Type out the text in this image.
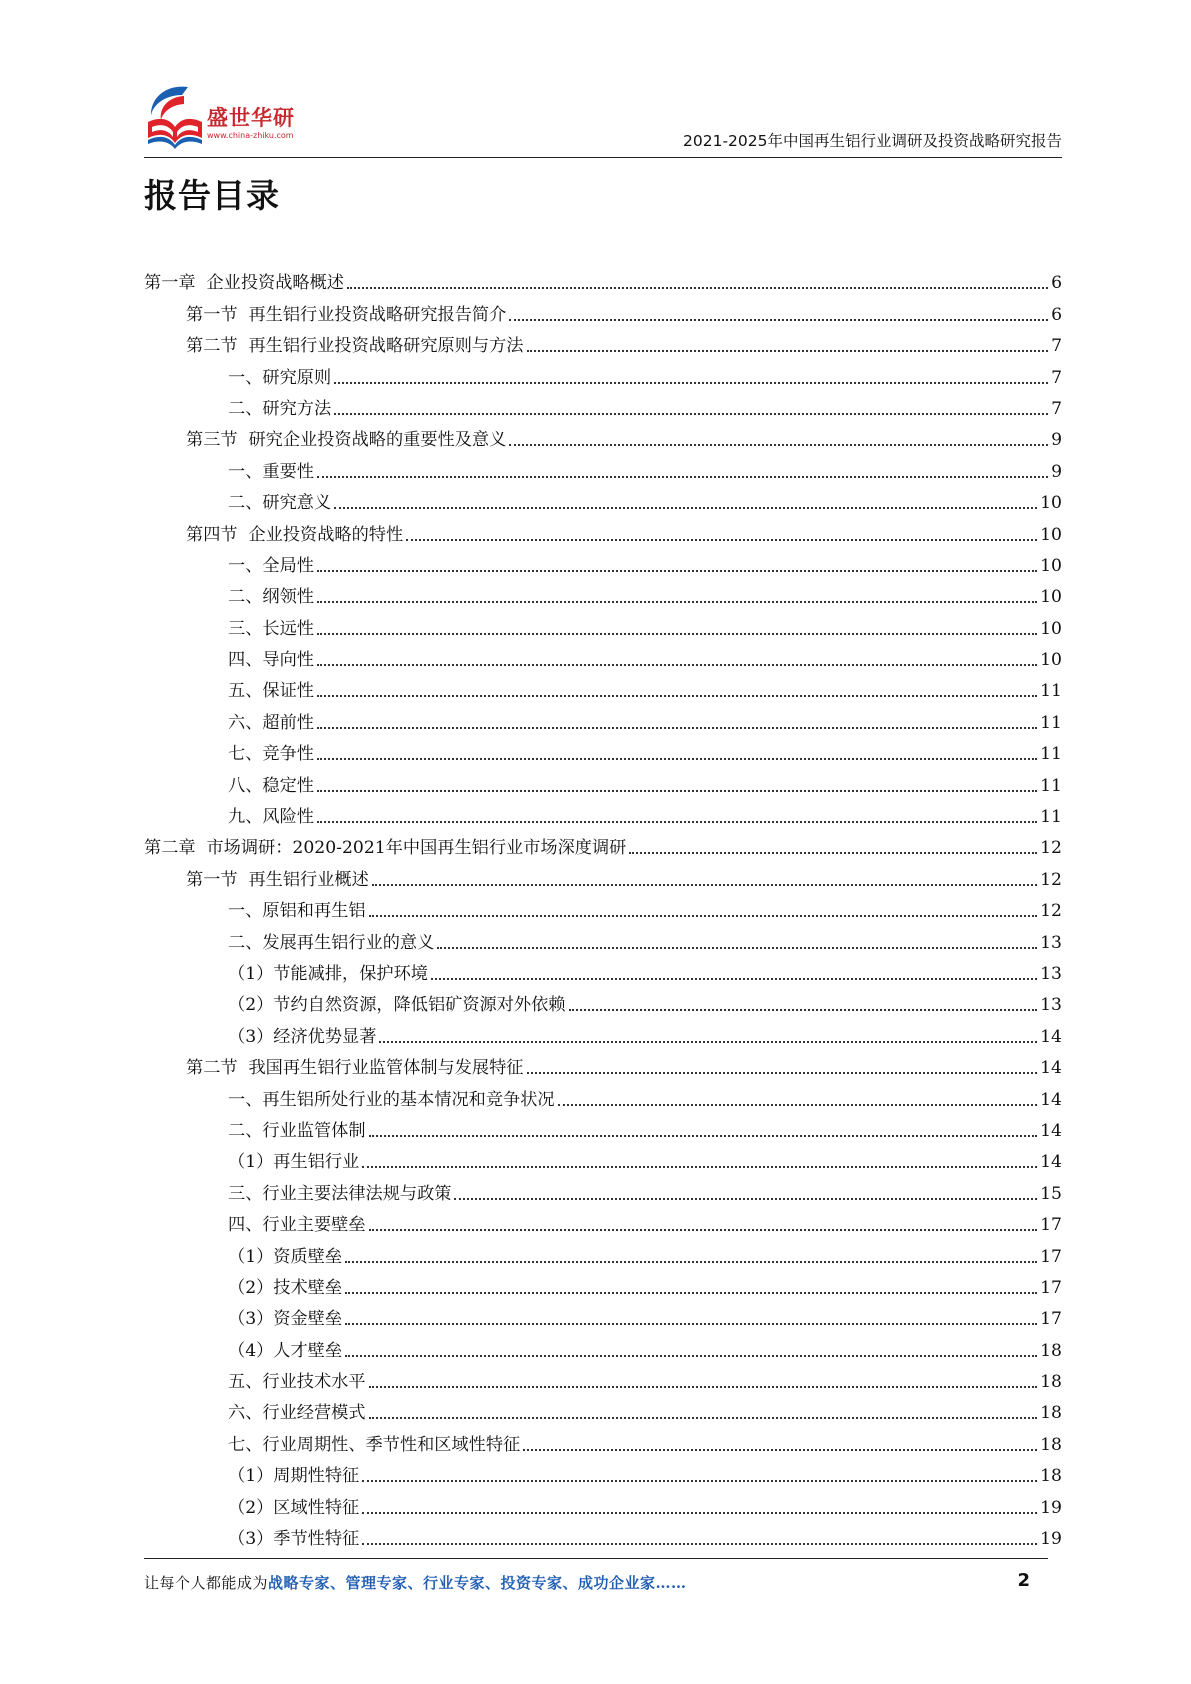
盛世华研
www.china-zhiku.com	2021-2025年中国再生铝行业调研及投资战略研究报告
报告目录
第一章  企业投资战略概述	6
第一节  再生铝行业投资战略研究报告简介	6
第二节  再生铝行业投资战略研究原则与方法	7
一、研究原则	7
二、研究方法	7
第三节  研究企业投资战略的重要性及意义	9
一、重要性	9
二、研究意义	10
第四节  企业投资战略的特性	10
一、全局性	10
二、纲领性	10
三、长远性	10
四、导向性	10
五、保证性	11
六、超前性	11
七、竞争性	11
八、稳定性	11
九、风险性	11
第二章  市场调研：2020-2021年中国再生铝行业市场深度调研	12
第一节  再生铝行业概述	12
一、原铝和再生铝	12
二、发展再生铝行业的意义	13
（1）节能减排，保护环境	13
（2）节约自然资源，降低铝矿资源对外依赖	13
（3）经济优势显著	14
第二节  我国再生铝行业监管体制与发展特征	14
一、再生铝所处行业的基本情况和竞争状况	14
二、行业监管体制	14
（1）再生铝行业	14
三、行业主要法律法规与政策	15
四、行业主要壁垒	17
（1）资质壁垒	17
（2）技术壁垒	17
（3）资金壁垒	17
（4）人才壁垒	18
五、行业技术水平	18
六、行业经营模式	18
七、行业周期性、季节性和区域性特征	18
（1）周期性特征	18
（2）区域性特征	19
（3）季节性特征	19
让每个人都能成为战略专家、管理专家、行业专家、投资专家、成功企业家……	2
